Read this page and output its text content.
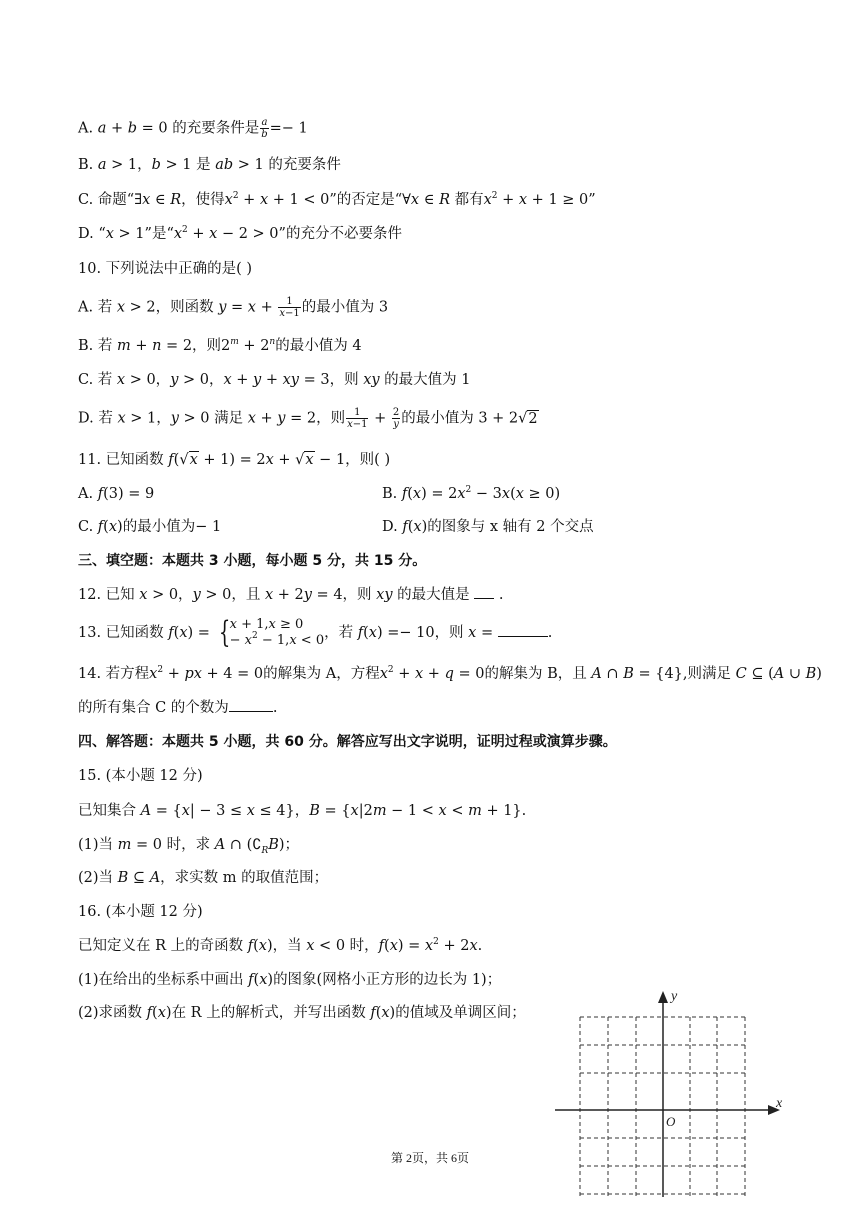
A. a + b = 0 的充要条件是 $\frac{a}{b} =- 1$
B. a > 1，b > 1 是 ab > 1 的充要条件
C. 命题“∃x ∈ R，使得$x^2 + x + 1 < 0$”的否定是“∀x ∈ R 都有$x^2 + x + 1 \ge 0$”
D. “x > 1”是“$x^2 + x - 2 > 0$”的充分不必要条件
10. 下列说法中正确的是( )
A. 若 x > 2，则函数 $y = x + \frac{1}{x-1}$ 的最小值为 3
B. 若 m + n = 2，则$2^m + 2^n$的最小值为 4
C. 若 x > 0，y > 0，x + y + xy = 3，则 xy 的最大值为 1
D. 若 x > 1，y > 0 满足 x + y = 2，则 $\frac{1}{x-1} + \frac{2}{y}$ 的最小值为 3 + 2√2
11. 已知函数 f(√x + 1) = 2x + √x − 1，则( )
A. f(3) = 9	B. $f(x) = 2x^2 - 3x(x \ge 0)$
C. f(x)的最小值为− 1	D. f(x)的图象与 x 轴有 2 个交点
三、填空题：本题共 3 小题，每小题 5 分，共 15 分。
12. 已知 x > 0，y > 0，且 x + 2y = 4，则 xy 的最大值是  .
13. 已知函数 f(x) = { x + 1,x ≥ 0
− $x^2 - 1,x < 0$ ，若 f(x) =− 10，则 x =	.
14. 若方程$x^2$ + px + 4 = 0的解集为 A，方程$x^2 + x + q = 0$的解集为 B，且 A ∩ B = {4},则满足 C ⊆ (A ∪ B)
的所有集合 C 的个数为	.
四、解答题：本题共 5 小题，共 60 分。解答应写出文字说明，证明过程或演算步骤。
15. (本小题 12 分)
已知集合 A = {x| − 3 ≤ x ≤ 4}，B = {x|2m − 1 < x < m + 1}.
(1)当 m = 0 时，求 A ∩ $(∁_RB)$；
(2)当 B ⊆ A，求实数 m 的取值范围；
16. (本小题 12 分)
已知定义在 R 上的奇函数 f(x)，当 x < 0 时，$f(x) = x^2 + 2x$.
(1)在给出的坐标系中画出 f(x)的图象(网格小正方形的边长为 1)；
(2)求函数 f(x)在 R 上的解析式，并写出函数 f(x)的值域及单调区间；
x
y
O
第 2页，共 6页
